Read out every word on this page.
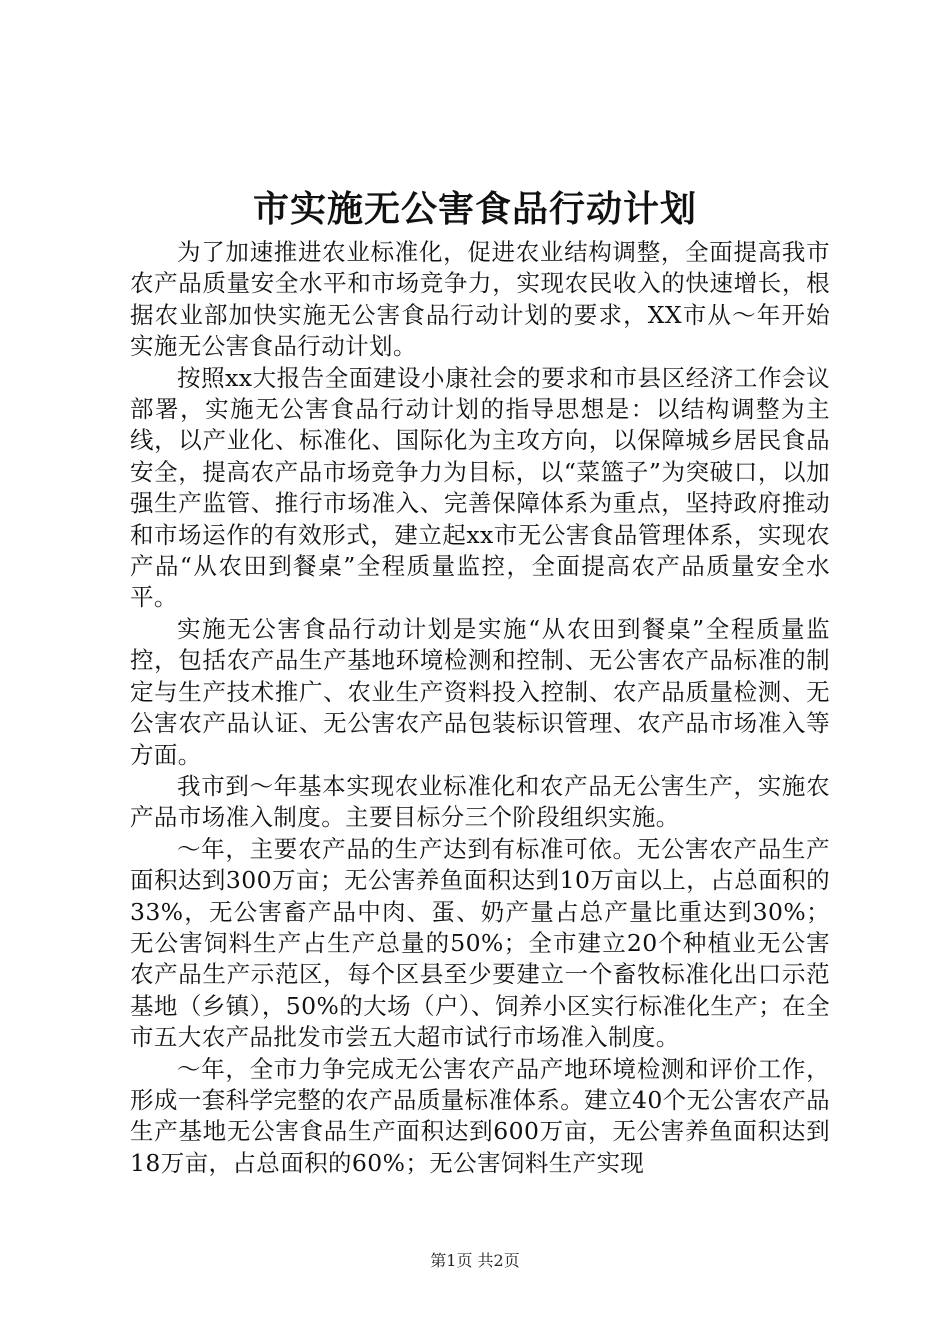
市实施无公害食品行动计划

为了加速推进农业标准化，促进农业结构调整，全面提高我市农产品质量安全水平和市场竞争力，实现农民收入的快速增长，根据农业部加快实施无公害食品行动计划的要求，XX市从～年开始实施无公害食品行动计划。

按照xx大报告全面建设小康社会的要求和市县区经济工作会议部署，实施无公害食品行动计划的指导思想是：以结构调整为主线，以产业化、标准化、国际化为主攻方向，以保障城乡居民食品安全，提高农产品市场竞争力为目标，以“菜篮子”为突破口，以加强生产监管、推行市场准入、完善保障体系为重点，坚持政府推动和市场运作的有效形式，建立起xx市无公害食品管理体系，实现农产品“从农田到餐桌”全程质量监控，全面提高农产品质量安全水平。

实施无公害食品行动计划是实施“从农田到餐桌”全程质量监控，包括农产品生产基地环境检测和控制、无公害农产品标准的制定与生产技术推广、农业生产资料投入控制、农产品质量检测、无公害农产品认证、无公害农产品包装标识管理、农产品市场准入等方面。

我市到～年基本实现农业标准化和农产品无公害生产，实施农产品市场准入制度。主要目标分三个阶段组织实施。

～年，主要农产品的生产达到有标准可依。无公害农产品生产面积达到300万亩；无公害养鱼面积达到10万亩以上，占总面积的33%，无公害畜产品中肉、蛋、奶产量占总产量比重达到30%；无公害饲料生产占生产总量的50%；全市建立20个种植业无公害农产品生产示范区，每个区县至少要建立一个畜牧标准化出口示范基地（乡镇），50%的大场（户）、饲养小区实行标准化生产；在全市五大农产品批发市尝五大超市试行市场准入制度。

～年，全市力争完成无公害农产品产地环境检测和评价工作，形成一套科学完整的农产品质量标准体系。建立40个无公害农产品生产基地无公害食品生产面积达到600万亩，无公害养鱼面积达到18万亩，占总面积的60%；无公害饲料生产实现

第1页 共2页
